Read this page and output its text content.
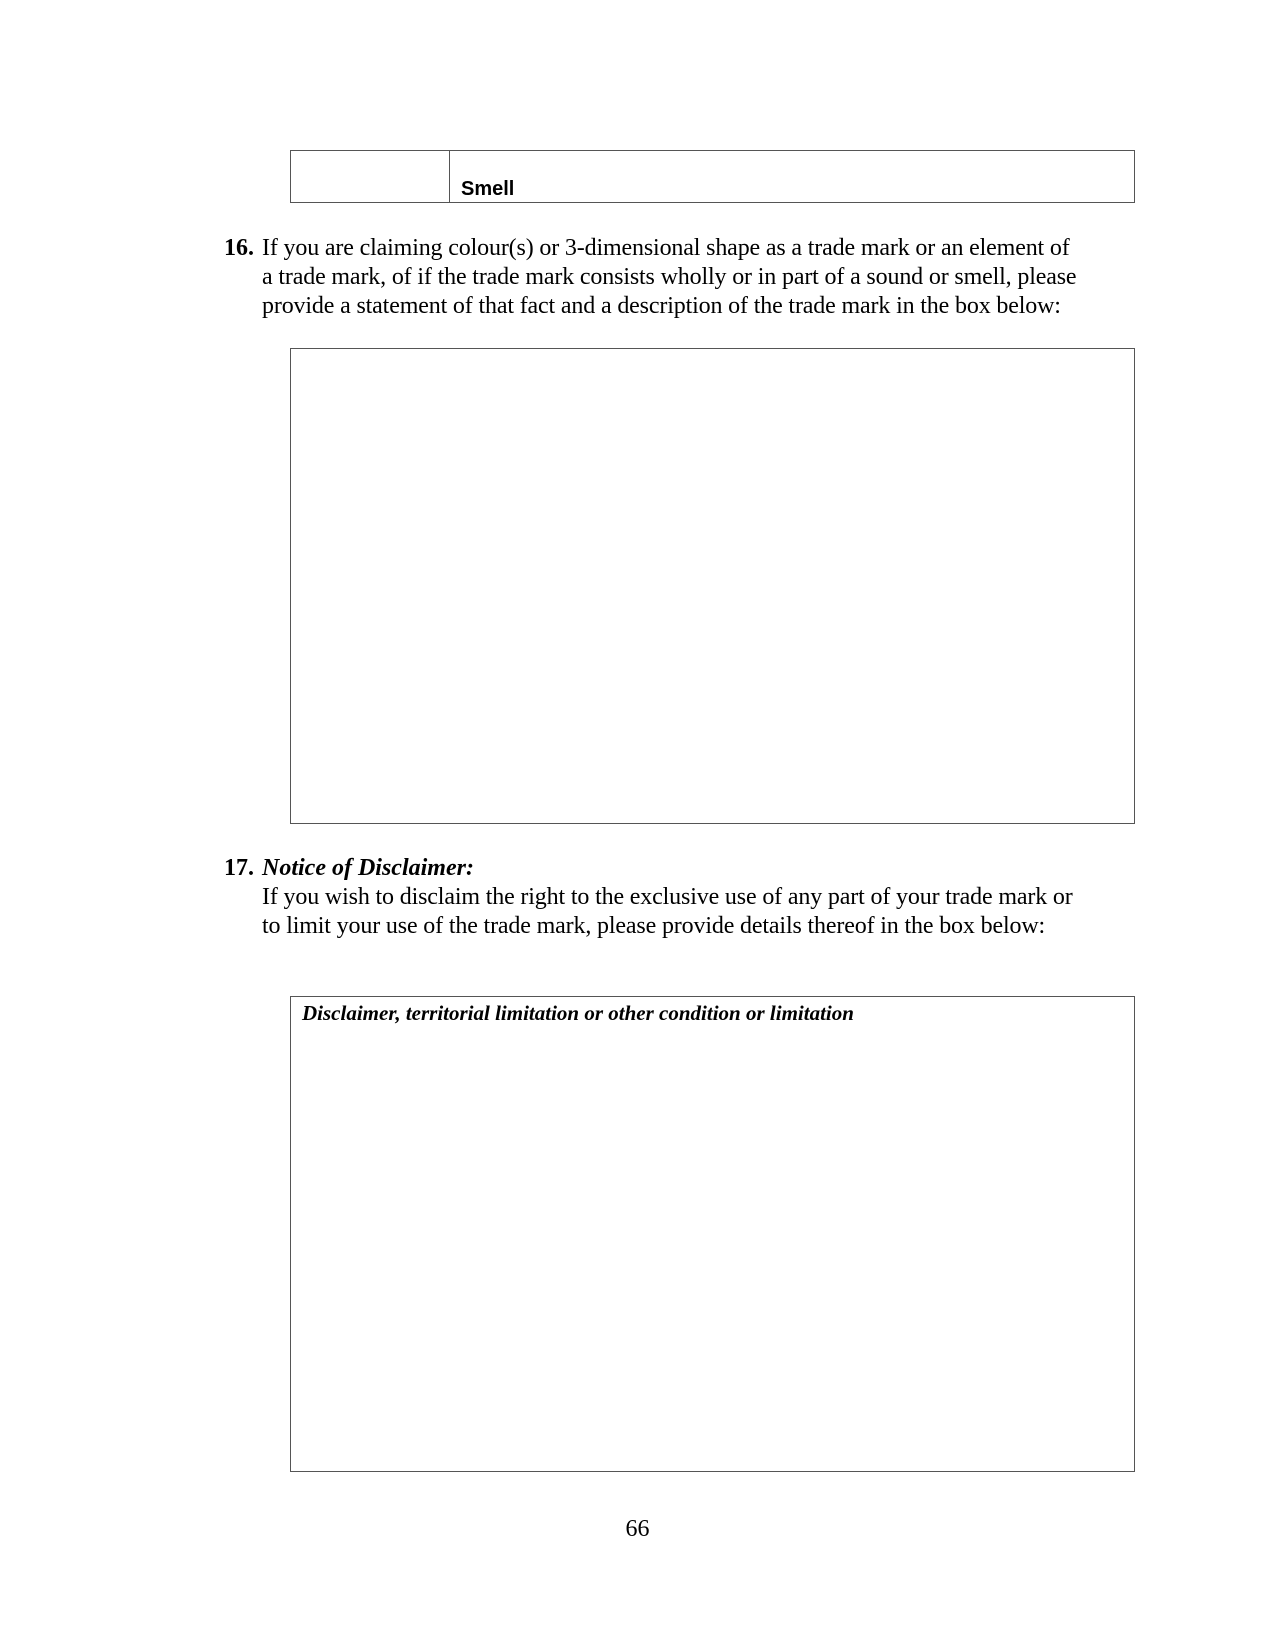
Smell
16. If you are claiming colour(s) or 3-dimensional shape as a trade mark or an element of
a trade mark, of if the trade mark consists wholly or in part of a sound or smell, please
provide a statement of that fact and a description of the trade mark in the box below:
17. Notice of Disclaimer:
If you wish to disclaim the right to the exclusive use of any part of your trade mark or
to limit your use of the trade mark, please provide details thereof in the box below:
Disclaimer, territorial limitation or other condition or limitation
66
